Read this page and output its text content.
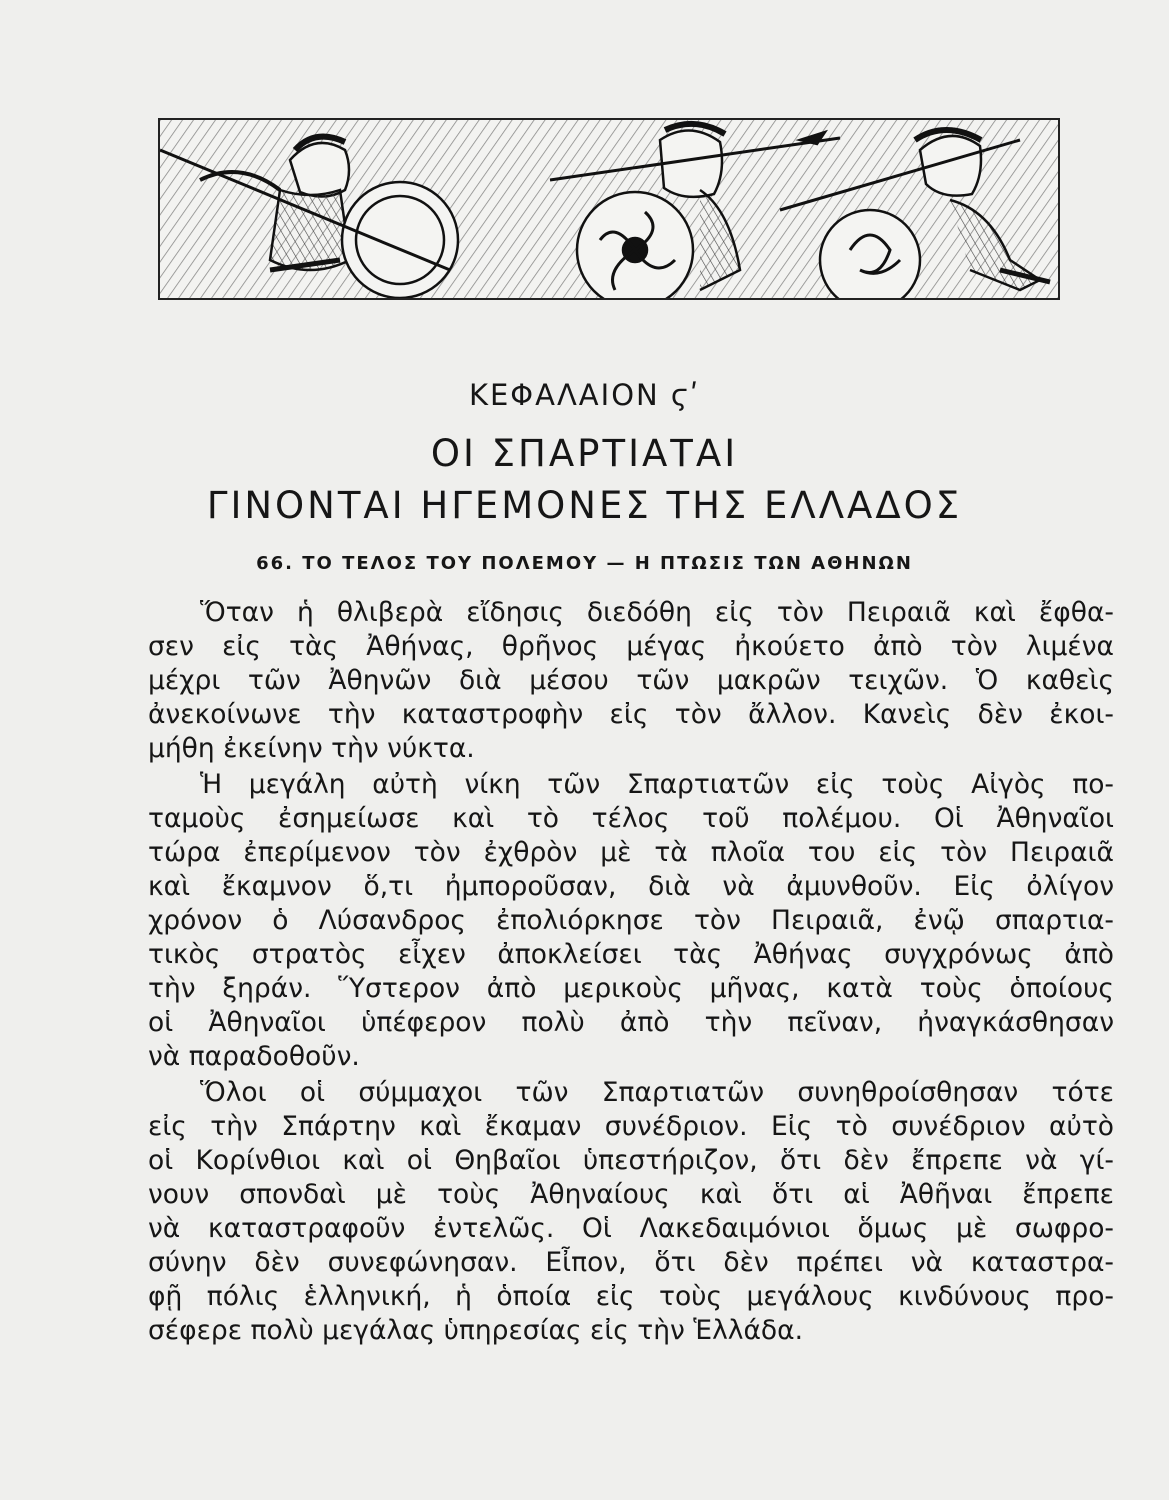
ΚΕΦΑΛΑΙΟΝ ϛʹ
ΟΙ ΣΠΑΡΤΙΑΤΑΙ
ΓΙΝΟΝΤΑΙ ΗΓΕΜΟΝΕΣ ΤΗΣ ΕΛΛΑΔΟΣ
66. ΤΟ ΤΕΛΟΣ ΤΟΥ ΠΟΛΕΜΟΥ — Η ΠΤΩΣΙΣ ΤΩΝ ΑΘΗΝΩΝ

Ὅταν ἡ θλιβερὰ εἴδησις διεδόθη εἰς τὸν Πειραιᾶ καὶ ἔφθα-

σεν εἰς τὰς Ἀθήνας, θρῆνος μέγας ἠκούετο ἀπὸ τὸν λιμένα

μέχρι τῶν Ἀθηνῶν διὰ μέσου τῶν μακρῶν τειχῶν. Ὁ καθεὶς

ἀνεκοίνωνε τὴν καταστροφὴν εἰς τὸν ἄλλον. Κανεὶς δὲν ἐκοι-

μήθη ἐκείνην τὴν νύκτα.

Ἡ μεγάλη αὐτὴ νίκη τῶν Σπαρτιατῶν εἰς τοὺς Αἰγὸς πο-

ταμοὺς ἐσημείωσε καὶ τὸ τέλος τοῦ πολέμου. Οἱ Ἀθηναῖοι

τώρα ἐπερίμενον τὸν ἐχθρὸν μὲ τὰ πλοῖα του εἰς τὸν Πειραιᾶ

καὶ ἔκαμνον ὅ,τι ἠμποροῦσαν, διὰ νὰ ἀμυνθοῦν. Εἰς ὀλίγον

χρόνον ὁ Λύσανδρος ἐπολιόρκησε τὸν Πειραιᾶ, ἐνῷ σπαρτια-

τικὸς στρατὸς εἶχεν ἀποκλείσει τὰς Ἀθήνας συγχρόνως ἀπὸ

τὴν ξηράν. Ὕστερον ἀπὸ μερικοὺς μῆνας, κατὰ τοὺς ὁποίους

οἱ Ἀθηναῖοι ὑπέφερον πολὺ ἀπὸ τὴν πεῖναν, ἠναγκάσθησαν

νὰ παραδοθοῦν.

Ὅλοι οἱ σύμμαχοι τῶν Σπαρτιατῶν συνηθροίσθησαν τότε

εἰς τὴν Σπάρτην καὶ ἔκαμαν συνέδριον. Εἰς τὸ συνέδριον αὐτὸ

οἱ Κορίνθιοι καὶ οἱ Θηβαῖοι ὑπεστήριζον, ὅτι δὲν ἔπρεπε νὰ γί-

νουν σπονδαὶ μὲ τοὺς Ἀθηναίους καὶ ὅτι αἱ Ἀθῆναι ἔπρεπε

νὰ καταστραφοῦν ἐντελῶς. Οἱ Λακεδαιμόνιοι ὅμως μὲ σωφρο-

σύνην δὲν συνεφώνησαν. Εἶπον, ὅτι δὲν πρέπει νὰ καταστρα-

φῇ πόλις ἑλληνική, ἡ ὁποία εἰς τοὺς μεγάλους κινδύνους προ-

σέφερε πολὺ μεγάλας ὑπηρεσίας εἰς τὴν Ἑλλάδα.
